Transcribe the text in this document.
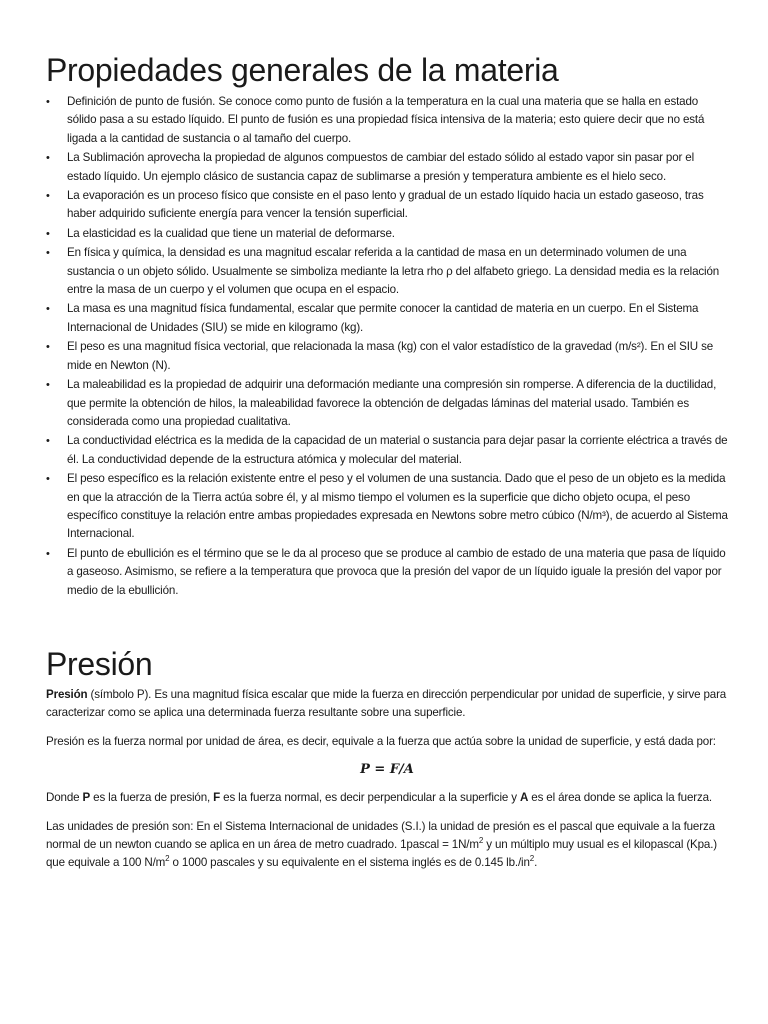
Propiedades generales de la materia
• Definición de punto de fusión. Se conoce como punto de fusión a la temperatura en la cual una materia que se halla en estado sólido pasa a su estado líquido. El punto de fusión es una propiedad física intensiva de la materia; esto quiere decir que no está ligada a la cantidad de sustancia o al tamaño del cuerpo.
• La Sublimación aprovecha la propiedad de algunos compuestos de cambiar del estado sólido al estado vapor sin pasar por el estado líquido. Un ejemplo clásico de sustancia capaz de sublimarse a presión y temperatura ambiente es el hielo seco.
• La evaporación es un proceso físico que consiste en el paso lento y gradual de un estado líquido hacia un estado gaseoso, tras haber adquirido suficiente energía para vencer la tensión superficial.
• La elasticidad es la cualidad que tiene un material de deformarse.
• En física y química, la densidad es una magnitud escalar referida a la cantidad de masa en un determinado volumen de una sustancia o un objeto sólido. Usualmente se simboliza mediante la letra rho ρ del alfabeto griego. La densidad media es la relación entre la masa de un cuerpo y el volumen que ocupa en el espacio.
• La masa es una magnitud física fundamental, escalar que permite conocer la cantidad de materia en un cuerpo. En el Sistema Internacional de Unidades (SIU) se mide en kilogramo (kg).
• El peso es una magnitud física vectorial, que relacionada la masa (kg) con el valor estadístico de la gravedad (m/s²). En el SIU se mide en Newton (N).
• La maleabilidad es la propiedad de adquirir una deformación mediante una compresión sin romperse. A diferencia de la ductilidad, que permite la obtención de hilos, la maleabilidad favorece la obtención de delgadas láminas del material usado. También es considerada como una propiedad cualitativa.
• La conductividad eléctrica es la medida de la capacidad de un material o sustancia para dejar pasar la corriente eléctrica a través de él. La conductividad depende de la estructura atómica y molecular del material.
• El peso específico es la relación existente entre el peso y el volumen de una sustancia. Dado que el peso de un objeto es la medida en que la atracción de la Tierra actúa sobre él, y al mismo tiempo el volumen es la superficie que dicho objeto ocupa, el peso específico constituye la relación entre ambas propiedades expresada en Newtons sobre metro cúbico (N/m³), de acuerdo al Sistema Internacional.
• El punto de ebullición es el término que se le da al proceso que se produce al cambio de estado de una materia que pasa de líquido a gaseoso. Asimismo, se refiere a la temperatura que provoca que la presión del vapor de un líquido iguale la presión del vapor por medio de la ebullición.
Presión

Presión (símbolo P). Es una magnitud física escalar que mide la fuerza en dirección perpendicular por unidad de superficie, y sirve para caracterizar como se aplica una determinada fuerza resultante sobre una superficie.

Presión es la fuerza normal por unidad de área, es decir, equivale a la fuerza que actúa sobre la unidad de superficie, y está dada por:

P = F/A

Donde P es la fuerza de presión, F es la fuerza normal, es decir perpendicular a la superficie y A es el área donde se aplica la fuerza.

Las unidades de presión son: En el Sistema Internacional de unidades (S.I.) la unidad de presión es el pascal que equivale a la fuerza normal de un newton cuando se aplica en un área de metro cuadrado. 1pascal = $1N/m^2$ y un múltiplo muy usual es el kilopascal (Kpa.) que equivale a 100 $N/m^2$ o 1000 pascales y su equivalente en el sistema inglés es de 0.145 $lb./in^2$.
